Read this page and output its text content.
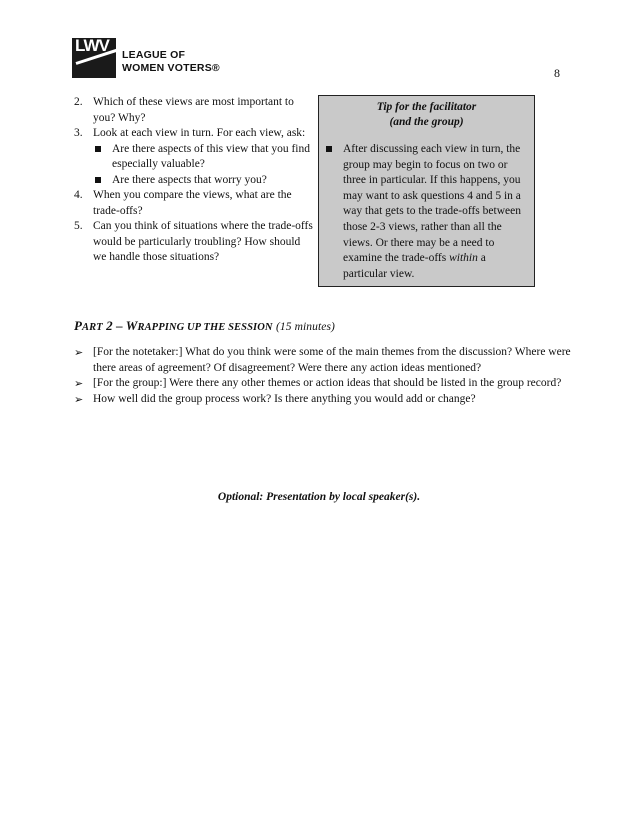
LWV LEAGUE OF
WOMEN VOTERS®	8
2. Which of these views are most important to you? Why?
3. Look at each view in turn. For each view, ask:
Are there aspects of this view that you find especially valuable?
Are there aspects that worry you?
4. When you compare the views, what are the trade-offs?
5. Can you think of situations where the trade-offs would be particularly troubling? How should we handle those situations?
Tip for the facilitator
(and the group)
After discussing each view in turn, the group may begin to focus on two or three in particular. If this happens, you may want to ask questions 4 and 5 in a way that gets to the trade-offs between those 2-3 views, rather than all the views. Or there may be a need to examine the trade-offs within a particular view.
PART 2 – WRAPPING UP THE SESSION (15 minutes)
➢ [For the notetaker:] What do you think were some of the main themes from the discussion? Where were there areas of agreement? Of disagreement? Were there any action ideas mentioned?
➢ [For the group:] Were there any other themes or action ideas that should be listed in the group record?
➢ How well did the group process work? Is there anything you would add or change?
Optional: Presentation by local speaker(s).
